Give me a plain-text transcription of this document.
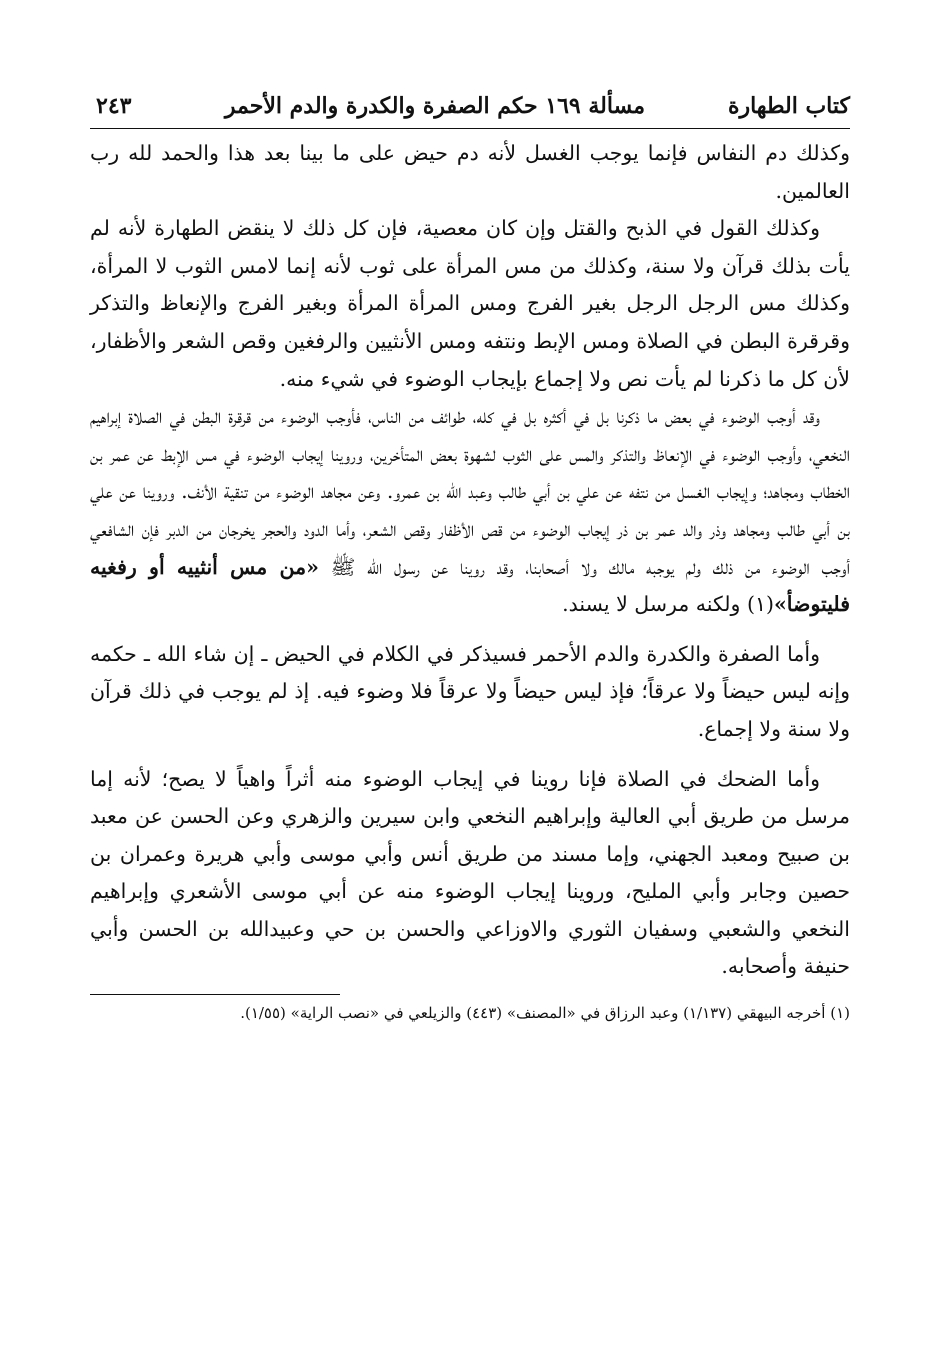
كتاب الطهارة
مسألة ١٦٩ حكم الصفرة والكدرة والدم الأحمر
٢٤٣

وكذلك دم النفاس فإنما يوجب الغسل لأنه دم حيض على ما بينا بعد هذا والحمد لله رب العالمين.

وكذلك القول في الذبح والقتل وإن كان معصية، فإن كل ذلك لا ينقض الطهارة لأنه لم يأت بذلك قرآن ولا سنة، وكذلك من مس المرأة على ثوب لأنه إنما لامس الثوب لا المرأة، وكذلك مس الرجل الرجل بغير الفرج ومس المرأة المرأة وبغير الفرج والإنعاظ والتذكر وقرقرة البطن في الصلاة ومس الإبط ونتفه ومس الأنثيين والرفغين وقص الشعر والأظفار، لأن كل ما ذكرنا لم يأت نص ولا إجماع بإيجاب الوضوء في شيء منه.

وقد أوجب الوضوء في بعض ما ذكرنا بل في أكثره بل في كله، طوائف من الناس، فأوجب الوضوء من قرقرة البطن في الصلاة إبراهيم النخعي، وأوجب الوضوء في الإنعاظ والتذكر والمس على الثوب لشهوة بعض المتأخرين، وروينا إيجاب الوضوء في مس الإبط عن عمر بن الخطاب ومجاهد؛ وإيجاب الغسل من نتفه عن علي بن أبي طالب وعبد الله بن عمرو. وعن مجاهد الوضوء من تنقية الأنف. وروينا عن علي بن أبي طالب ومجاهد وذر والد عمر بن ذر إيجاب الوضوء من قص الأظفار وقص الشعر، وأما الدود والحجر يخرجان من الدبر فإن الشافعي أوجب الوضوء من ذلك ولم يوجبه مالك ولا أصحابنا، وقد روينا عن رسول الله ﷺ «من مس أنثييه أو رفغيه فليتوضأ»(١) ولكنه مرسل لا يسند.

وأما الصفرة والكدرة والدم الأحمر فسيذكر في الكلام في الحيض ـ إن شاء الله ـ حكمه وإنه ليس حيضاً ولا عرقاً؛ فإذ ليس حيضاً ولا عرقاً فلا وضوء فيه. إذ لم يوجب في ذلك قرآن ولا سنة ولا إجماع.

وأما الضحك في الصلاة فإنا روينا في إيجاب الوضوء منه أثراً واهياً لا يصح؛ لأنه إما مرسل من طريق أبي العالية وإبراهيم النخعي وابن سيرين والزهري وعن الحسن عن معبد بن صبيح ومعبد الجهني، وإما مسند من طريق أنس وأبي موسى وأبي هريرة وعمران بن حصين وجابر وأبي المليح، وروينا إيجاب الوضوء منه عن أبي موسى الأشعري وإبراهيم النخعي والشعبي وسفيان الثوري والاوزاعي والحسن بن حي وعبيدالله بن الحسن وأبي حنيفة وأصحابه.

(١) أخرجه البيهقي (١/١٣٧) وعبد الرزاق في «المصنف» (٤٤٣) والزيلعي في «نصب الراية» (١/٥٥).
